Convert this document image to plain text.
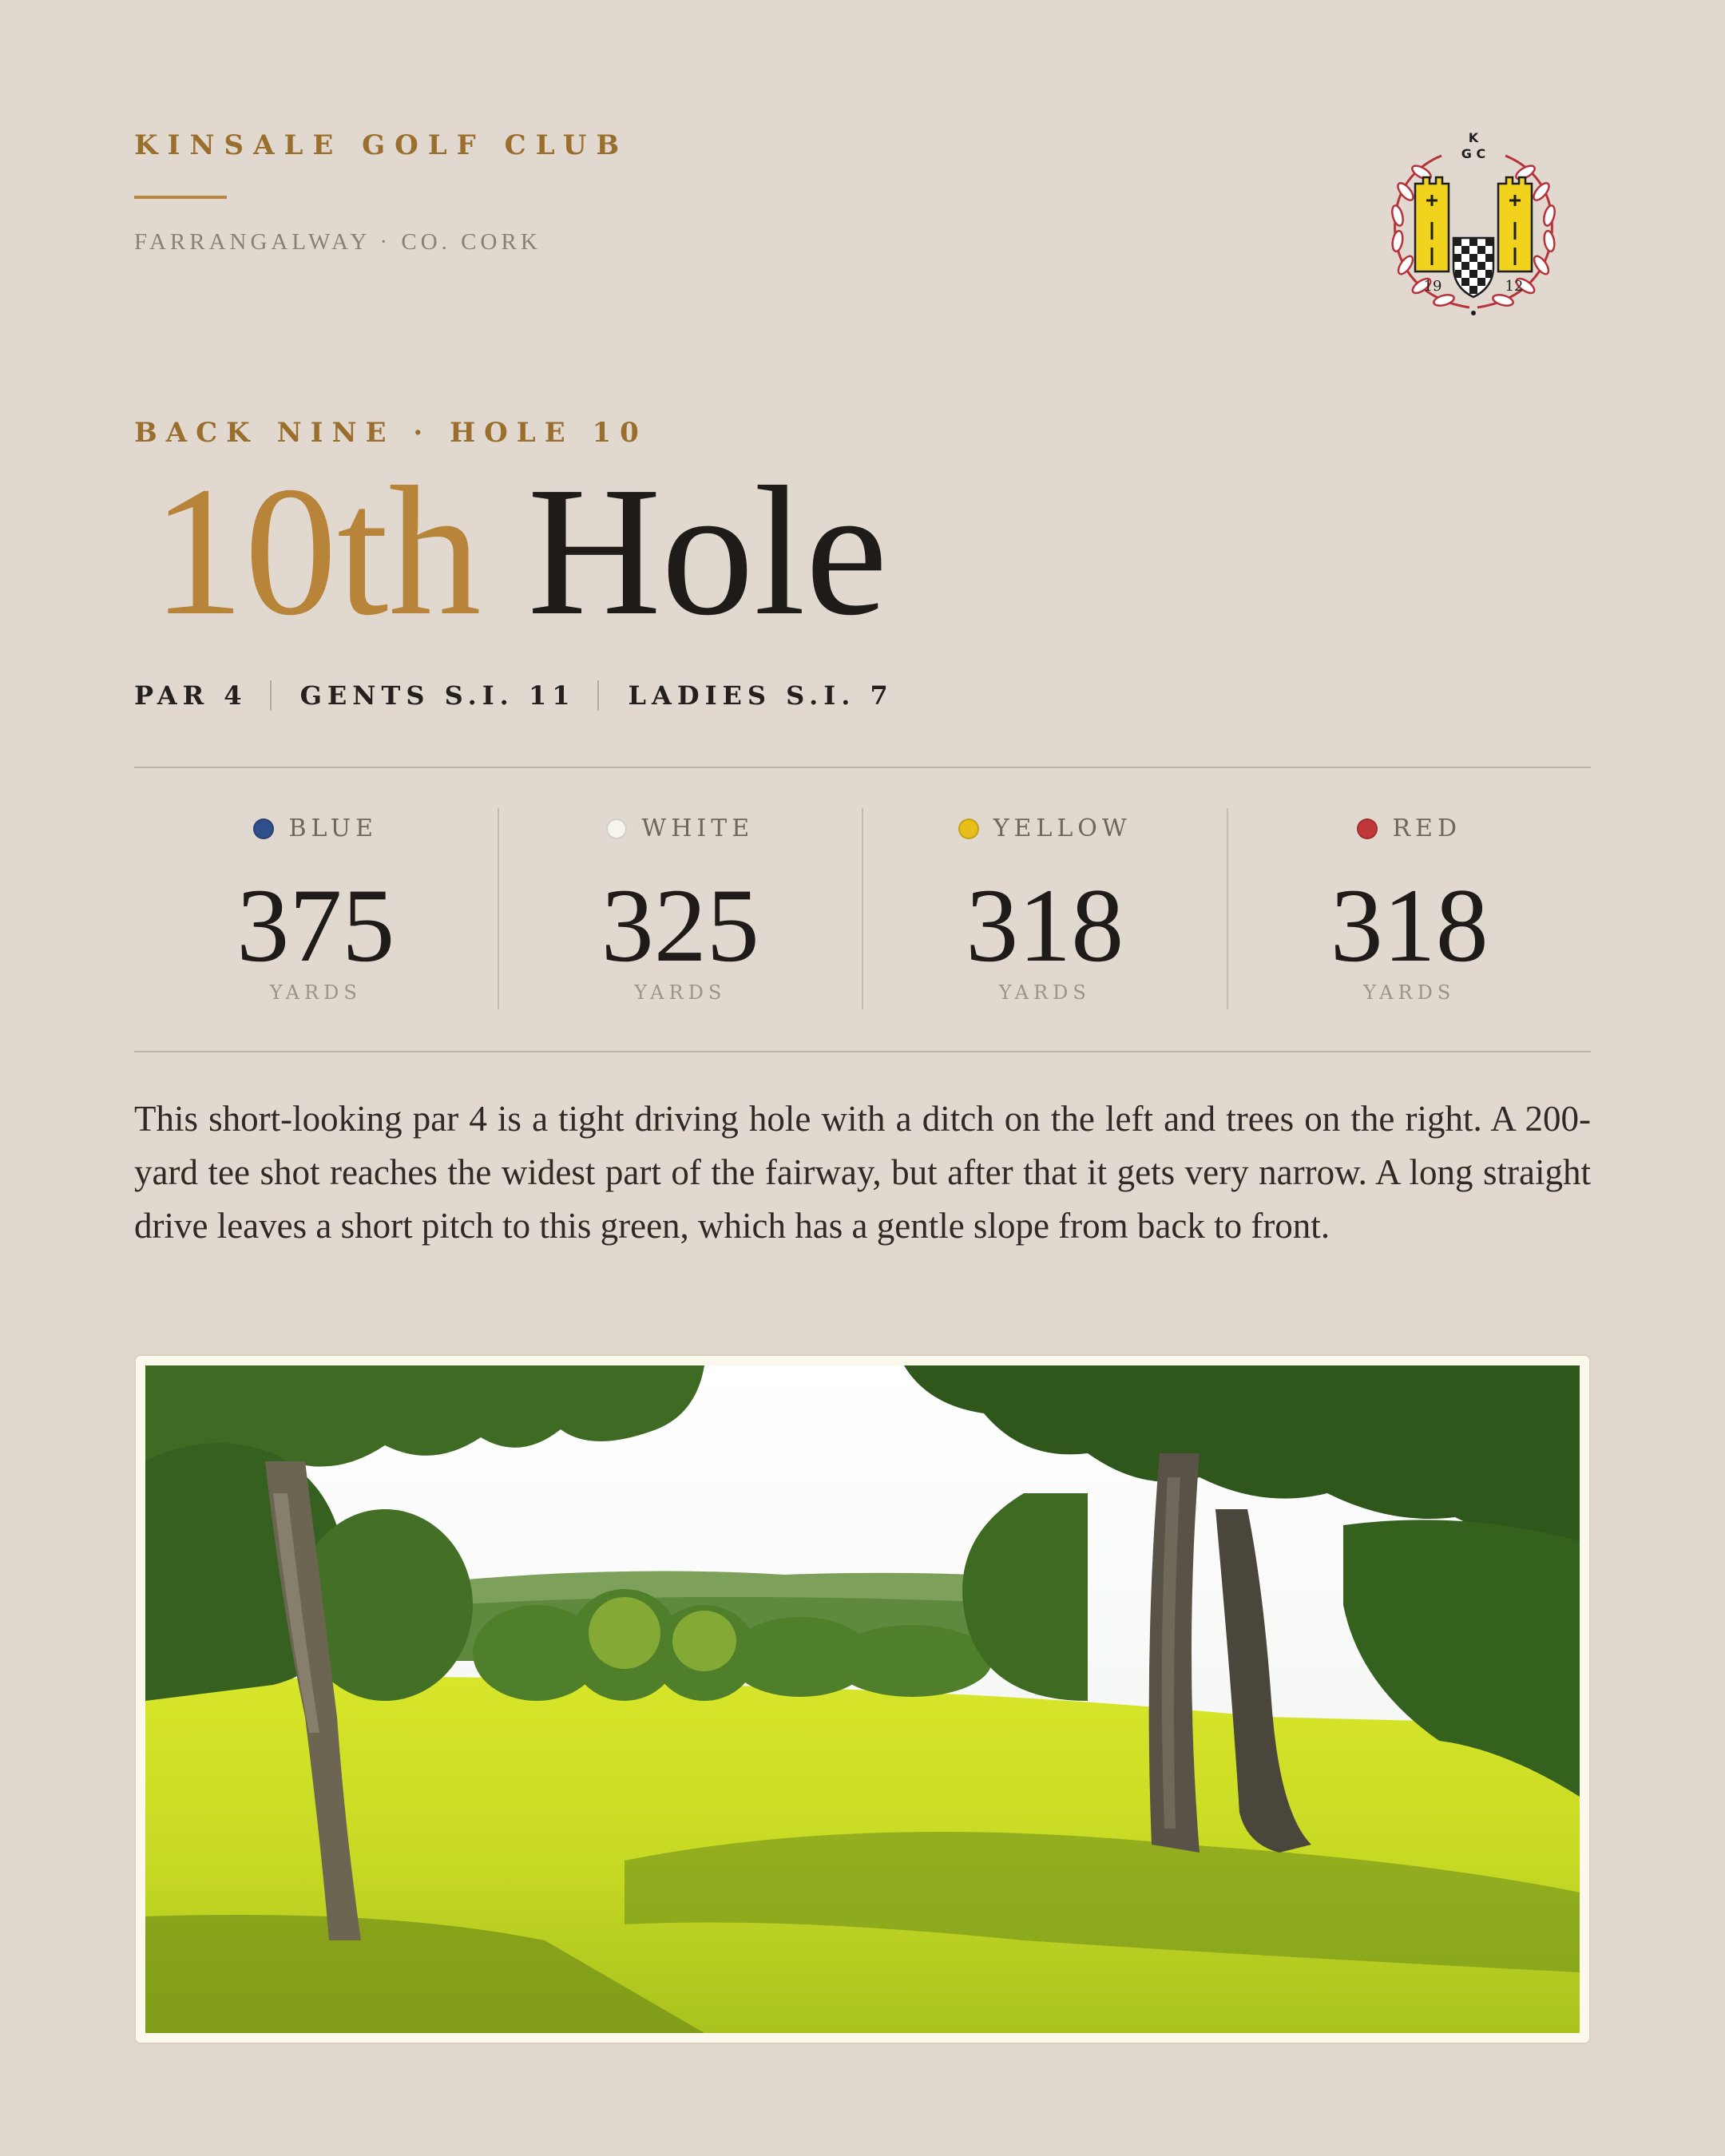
KINSALE GOLF CLUB
FARRANGALWAY · CO. CORK
K
G C
19	12
BACK NINE · HOLE 10
10th Hole
PAR 4 GENTS S.I. 11 LADIES S.I. 7
BLUE
375
YARDS
WHITE
325
YARDS
YELLOW
318
YARDS
RED
318
YARDS

This short-looking par 4 is a tight driving hole with a ditch on the left and trees on the right. A 200-yard tee shot reaches the widest part of the fairway, but after that it gets very narrow. A long straight drive leaves a short pitch to this green, which has a gentle slope from back to front.
